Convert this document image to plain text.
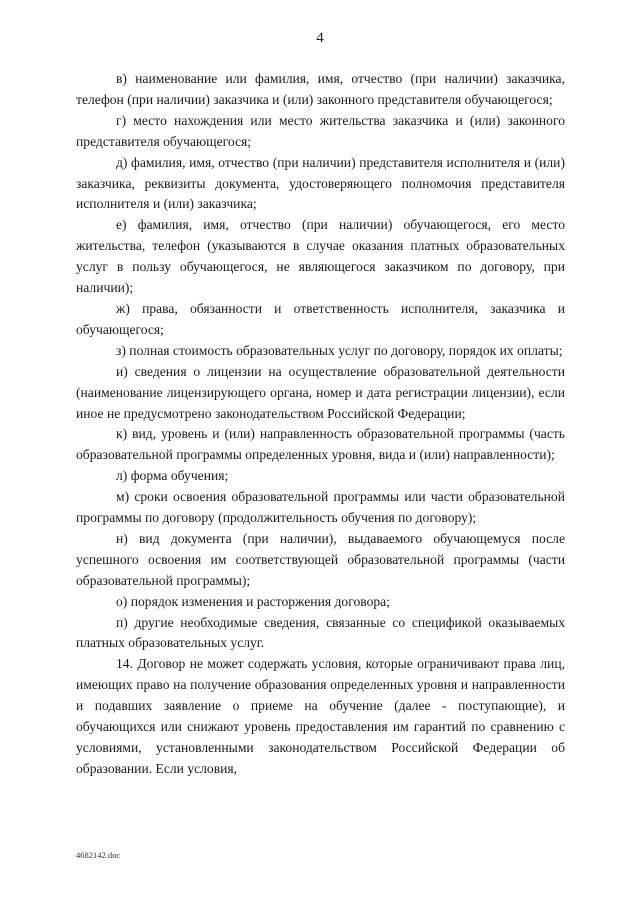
4

в) наименование или фамилия, имя, отчество (при наличии) заказчика, телефон (при наличии) заказчика и (или) законного представителя обучающегося;

г) место нахождения или место жительства заказчика и (или) законного представителя обучающегося;

д) фамилия, имя, отчество (при наличии) представителя исполнителя и (или) заказчика, реквизиты документа, удостоверяющего полномочия представителя исполнителя и (или) заказчика;

е) фамилия, имя, отчество (при наличии) обучающегося, его место жительства, телефон (указываются в случае оказания платных образовательных услуг в пользу обучающегося, не являющегося заказчиком по договору, при наличии);

ж) права, обязанности и ответственность исполнителя, заказчика и обучающегося;

з) полная стоимость образовательных услуг по договору, порядок их оплаты;

и) сведения о лицензии на осуществление образовательной деятельности (наименование лицензирующего органа, номер и дата регистрации лицензии), если иное не предусмотрено законодательством Российской Федерации;

к) вид, уровень и (или) направленность образовательной программы (часть образовательной программы определенных уровня, вида и (или) направленности);

л) форма обучения;

м) сроки освоения образовательной программы или части образовательной программы по договору (продолжительность обучения по договору);

н) вид документа (при наличии), выдаваемого обучающемуся после успешного освоения им соответствующей образовательной программы (части образовательной программы);

о) порядок изменения и расторжения договора;

п) другие необходимые сведения, связанные со спецификой оказываемых платных образовательных услуг.

14. Договор не может содержать условия, которые ограничивают права лиц, имеющих право на получение образования определенных уровня и направленности и подавших заявление о приеме на обучение (далее - поступающие), и обучающихся или снижают уровень предоставления им гарантий по сравнению с условиями, установленными законодательством Российской Федерации об образовании. Если условия,

4682142.doc
